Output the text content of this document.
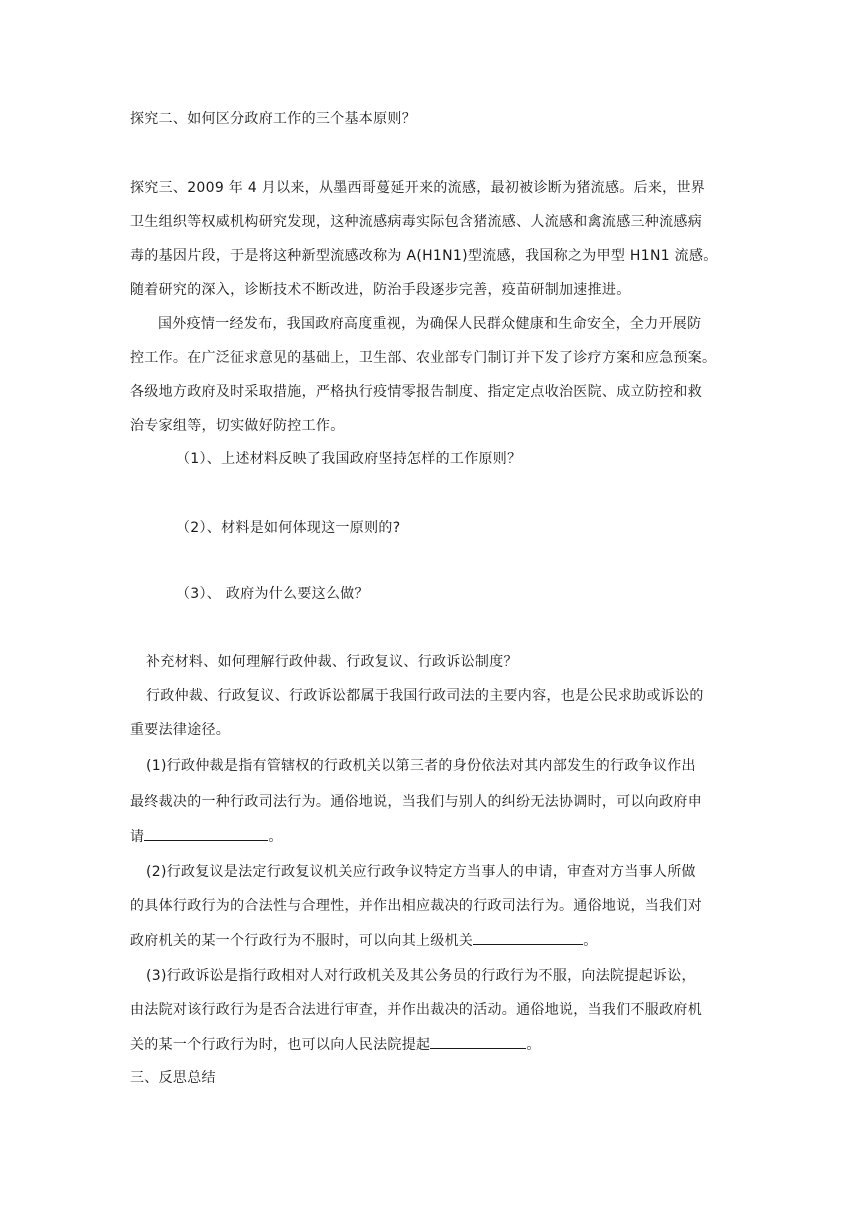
探究二、如何区分政府工作的三个基本原则？
探究三、2009 年 4 月以来，从墨西哥蔓延开来的流感，最初被诊断为猪流感。后来，世界
卫生组织等权威机构研究发现，这种流感病毒实际包含猪流感、人流感和禽流感三种流感病
毒的基因片段，于是将这种新型流感改称为 A(H1N1)型流感，我国称之为甲型 H1N1 流感。
随着研究的深入，诊断技术不断改进，防治手段逐步完善，疫苗研制加速推进。
国外疫情一经发布，我国政府高度重视，为确保人民群众健康和生命安全，全力开展防
控工作。在广泛征求意见的基础上，卫生部、农业部专门制订并下发了诊疗方案和应急预案。
各级地方政府及时采取措施，严格执行疫情零报告制度、指定定点收治医院、成立防控和救
治专家组等，切实做好防控工作。
（1）、上述材料反映了我国政府坚持怎样的工作原则？
（2）、材料是如何体现这一原则的?
（3）、 政府为什么要这么做？
补充材料、如何理解行政仲裁、行政复议、行政诉讼制度？
行政仲裁、行政复议、行政诉讼都属于我国行政司法的主要内容，也是公民求助或诉讼的
重要法律途径。
(1)行政仲裁是指有管辖权的行政机关以第三者的身份依法对其内部发生的行政争议作出
最终裁决的一种行政司法行为。通俗地说，当我们与别人的纠纷无法协调时，可以向政府申
请	。
(2)行政复议是法定行政复议机关应行政争议特定方当事人的申请，审查对方当事人所做
的具体行政行为的合法性与合理性，并作出相应裁决的行政司法行为。通俗地说，当我们对
政府机关的某一个行政行为不服时，可以向其上级机关	。
(3)行政诉讼是指行政相对人对行政机关及其公务员的行政行为不服，向法院提起诉讼，
由法院对该行政行为是否合法进行审查，并作出裁决的活动。通俗地说，当我们不服政府机
关的某一个行政行为时，也可以向人民法院提起	。
三、反思总结
